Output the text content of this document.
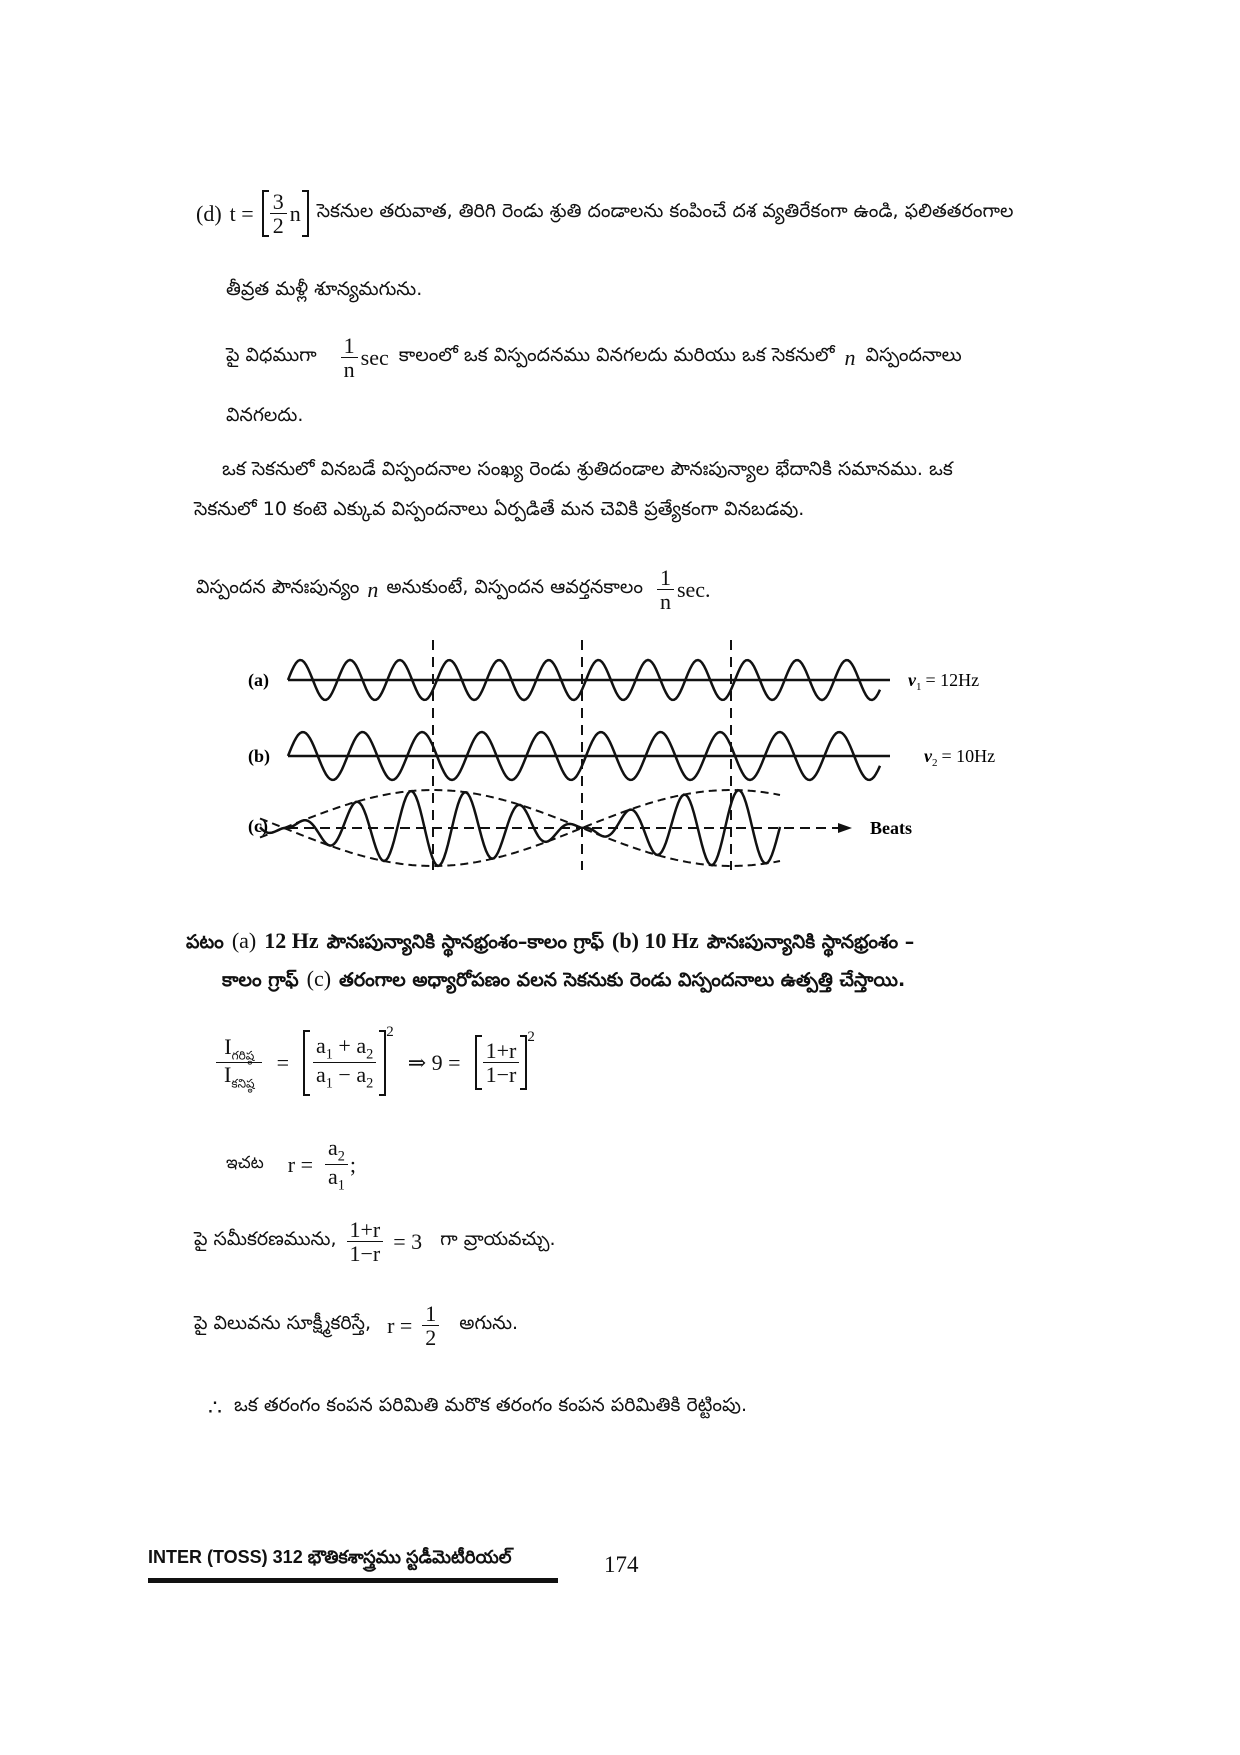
(d) $t = \frac{3}{2}$ n సెకనుల తరువాత, తిరిగి రెండు శ్రుతి దండాలను కంపించే దశ వ్యతిరేకంగా ఉండి, ఫలితతరంగాల
తీవ్రత మళ్లీ శూన్యమగును.
పై విధముగా $\frac{1}{n}$ sec కాలంలో ఒక విస్పందనము వినగలదు మరియు ఒక సెకనులో n విస్పందనాలు
వినగలదు.
ఒక సెకనులో వినబడే విస్పందనాల సంఖ్య రెండు శ్రుతిదండాల పౌనఃపున్యాల భేదానికి సమానము. ఒక
సెకనులో 10 కంటె ఎక్కువ విస్పందనాలు ఏర్పడితే మన చెవికి ప్రత్యేకంగా వినబడవు.
విస్పందన పౌనఃపున్యం n అనుకుంటే, విస్పందన ఆవర్తనకాలం $\frac{1}{n} \sec$.
(a)
(b)
(c)
$\nu_1 = 12Hz$
$\nu_2 = 10Hz$
Beats
పటం (a) 12 Hz పౌనఃపున్యానికి స్థానభ్రంశం–కాలం గ్రాఫ్ (b) 10 Hz పౌనఃపున్యానికి స్థానభ్రంశం –
కాలం గ్రాఫ్ (c) తరంగాల అధ్యారోపణం వలన సెకనుకు రెండు విస్పందనాలు ఉత్పత్తి చేస్తాయి.
$\frac{I_{గరిష్ఠ}}{I_{కనిష్ఠ}} = \frac{a_1 + a_2}{a_1 - a_2}$
$^2$
⇒ $9 = \frac{1+r}{1-r}$
$^2$
ఇచట $r = \frac{a_2}{a_1}$ ;
పై సమీకరణమును, $\frac{1+r}{1-r} = 3$ గా వ్రాయవచ్చు.
పై విలువను సూక్ష్మీకరిస్తే, $r = \frac{1}{2}$ అగును.
∴ ఒక తరంగం కంపన పరిమితి మరొక తరంగం కంపన పరిమితికి రెట్టింపు.
INTER (TOSS) 312 భౌతికశాస్త్రము స్టడీమెటీరియల్	174
